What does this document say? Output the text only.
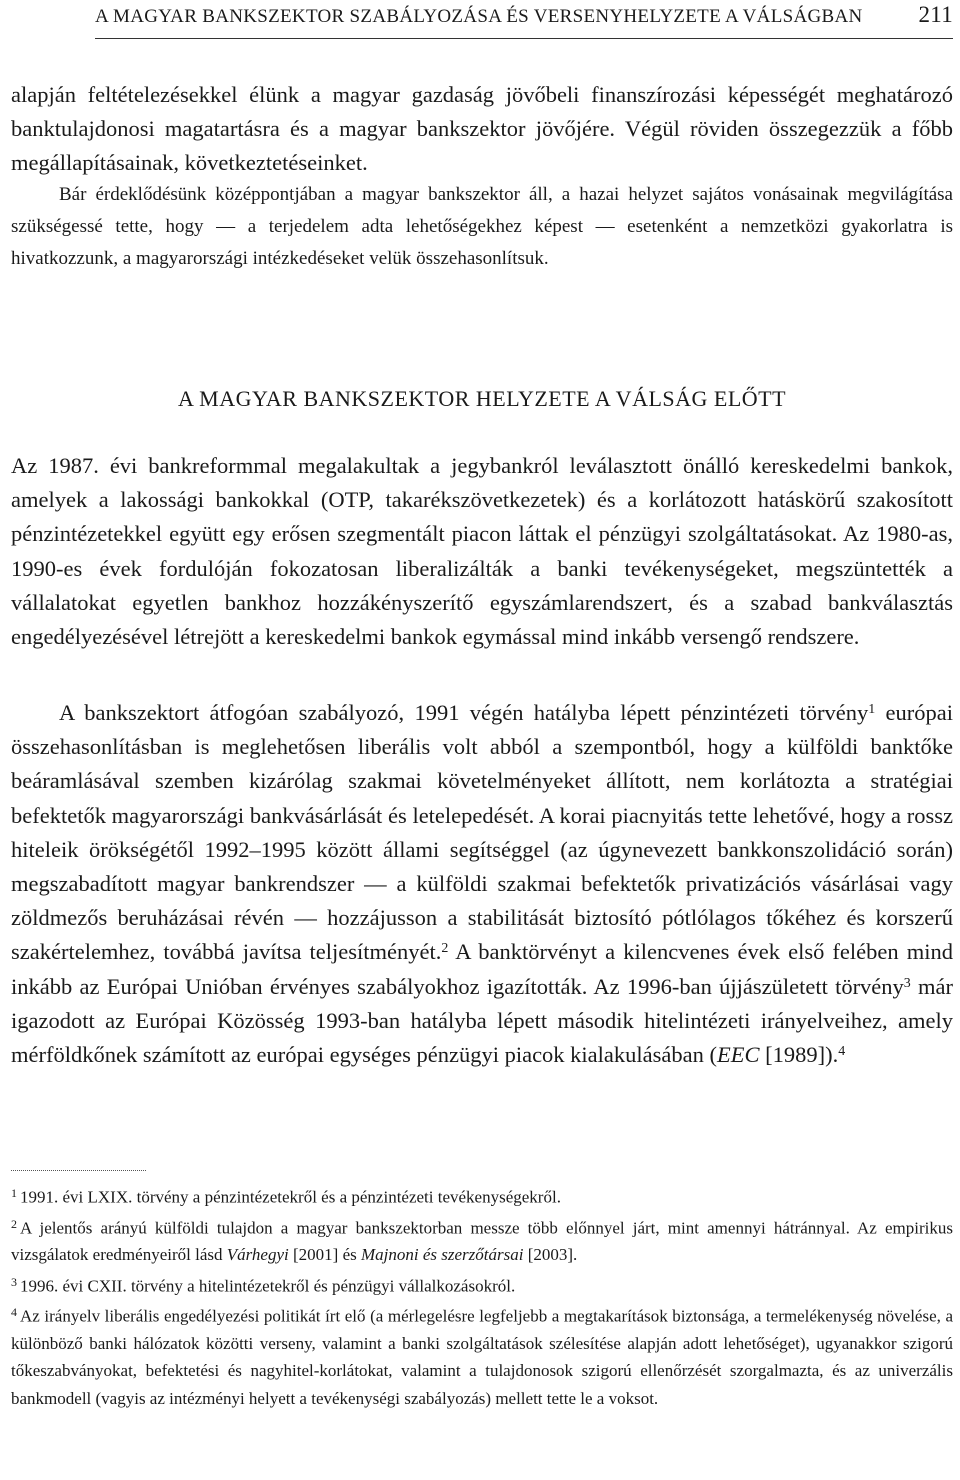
A MAGYAR BANKSZEKTOR SZABÁLYOZÁSA ÉS VERSENYHELYZETE A VÁLSÁGBAN 211

alapján feltételezésekkel élünk a magyar gazdaság jövőbeli finanszírozási képességét meghatározó banktulajdonosi magatartásra és a magyar bankszektor jövőjére. Végül röviden összegezzük a főbb megállapításainak, következtetéseinket.

Bár érdeklődésünk középpontjában a magyar bankszektor áll, a hazai helyzet sajátos vonásainak megvilágítása szükségessé tette, hogy — a terjedelem adta lehetőségekhez képest — esetenként a nemzetközi gyakorlatra is hivatkozzunk, a magyarországi intézkedéseket velük összehasonlítsuk.

A MAGYAR BANKSZEKTOR HELYZETE A VÁLSÁG ELŐTT

Az 1987. évi bankreformmal megalakultak a jegybankról leválasztott önálló kereskedelmi bankok, amelyek a lakossági bankokkal (OTP, takarékszövetkezetek) és a korlátozott hatáskörű szakosított pénzintézetekkel együtt egy erősen szegmentált piacon láttak el pénzügyi szolgáltatásokat. Az 1980-as, 1990-es évek fordulóján fokozatosan liberalizálták a banki tevékenységeket, megszüntették a vállalatokat egyetlen bankhoz hozzákényszerítő egyszámlarendszert, és a szabad bankválasztás engedélyezésével létrejött a kereskedelmi bankok egymással mind inkább versengő rendszere.

A bankszektort átfogóan szabályozó, 1991 végén hatályba lépett pénzintézeti törvény$^1$ európai összehasonlításban is meglehetősen liberális volt abból a szempontból, hogy a külföldi banktőke beáramlásával szemben kizárólag szakmai követelményeket állított, nem korlátozta a stratégiai befektetők magyarországi bankvásárlását és letelepedését. A korai piacnyitás tette lehetővé, hogy a rossz hiteleik örökségétől 1992–1995 között állami segítséggel (az úgynevezett bankkonszolidáció során) megszabadított magyar bankrendszer — a külföldi szakmai befektetők privatizációs vásárlásai vagy zöldmezős beruházásai révén — hozzájusson a stabilitását biztosító pótlólagos tőkéhez és korszerű szakértelemhez, továbbá javítsa teljesítményét.$^2$ A banktörvényt a kilencvenes évek első felében mind inkább az Európai Unióban érvényes szabályokhoz igazították. Az 1996-ban újjászületett törvény$^3$ már igazodott az Európai Közösség 1993-ban hatályba lépett második hitelintézeti irányelveihez, amely mérföldkőnek számított az európai egységes pénzügyi piacok kialakulásában (EEC [1989]).$^4$

$^1$ 1991. évi LXIX. törvény a pénzintézetekről és a pénzintézeti tevékenységekről.

$^2$ A jelentős arányú külföldi tulajdon a magyar bankszektorban messze több előnnyel járt, mint amennyi hátránnyal. Az empirikus vizsgálatok eredményeiről lásd Várhegyi [2001] és Majnoni és szerzőtársai [2003].

$^3$ 1996. évi CXII. törvény a hitelintézetekről és pénzügyi vállalkozásokról.

$^4$ Az irányelv liberális engedélyezési politikát írt elő (a mérlegelésre legfeljebb a megtakarítások biztonsága, a termelékenység növelése, a különböző banki hálózatok közötti verseny, valamint a banki szolgáltatások szélesítése alapján adott lehetőséget), ugyanakkor szigorú tőkeszabványokat, befektetési és nagyhitel-korlátokat, valamint a tulajdonosok szigorú ellenőrzését szorgalmazta, és az univerzális bankmodell (vagyis az intézményi helyett a tevékenységi szabályozás) mellett tette le a voksot.
